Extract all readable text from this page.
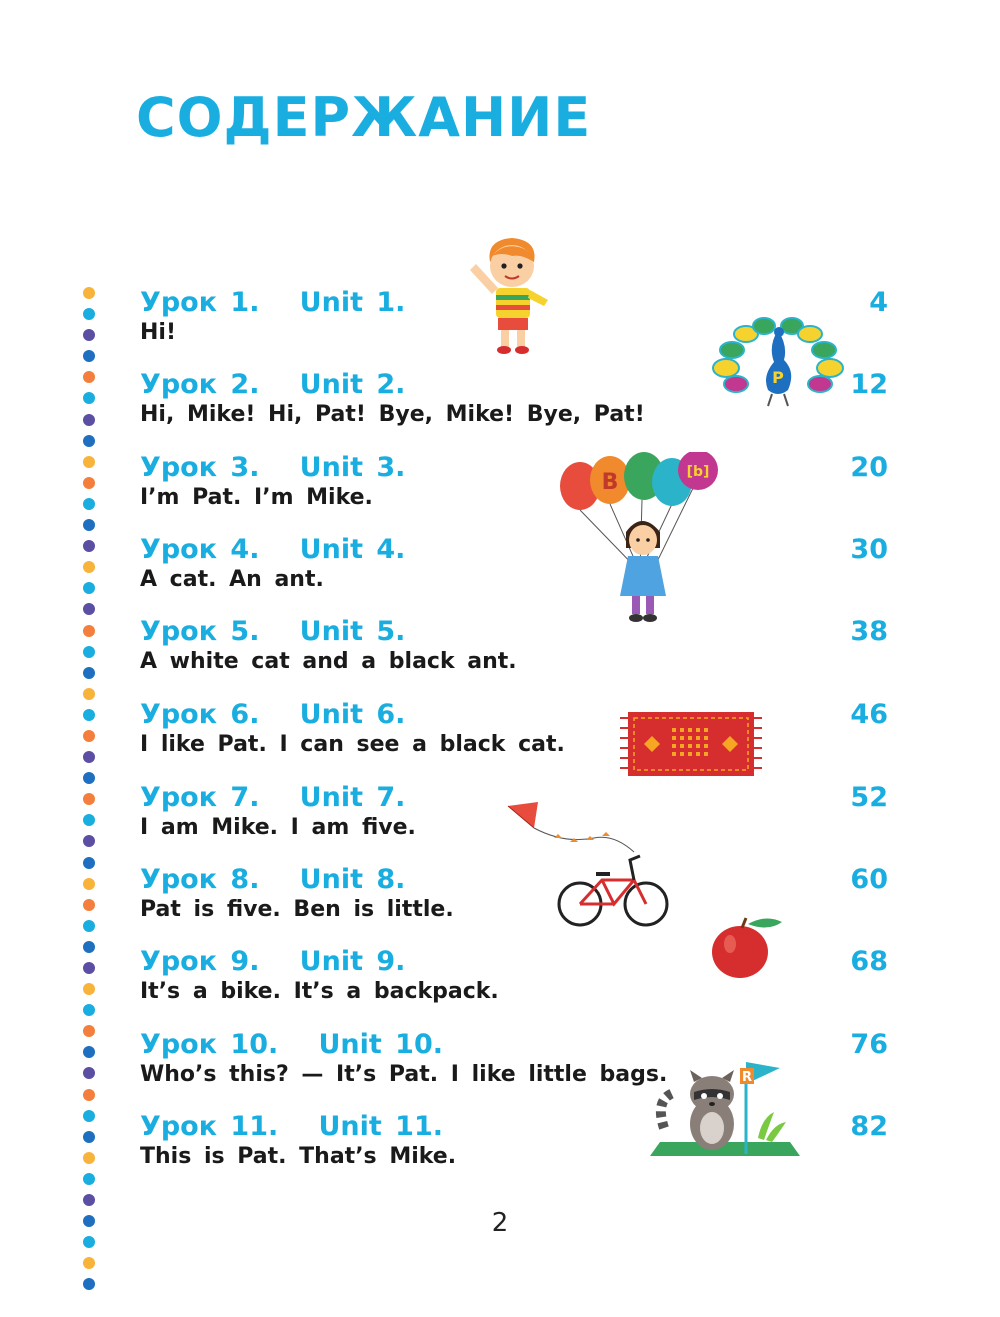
СОДЕРЖАНИЕ
Урок 1. Unit 1.
Hi!
4
Урок 2. Unit 2.
Hi, Mike! Hi, Pat! Bye, Mike! Bye, Pat!
12
Урок 3. Unit 3.
I’m Pat. I’m Mike.
20
Урок 4. Unit 4.
A cat. An ant.
30
Урок 5. Unit 5.
A white cat and a black ant.
38
Урок 6. Unit 6.
I like Pat. I can see a black cat.
46
Урок 7. Unit 7.
I am Mike. I am five.
52
Урок 8. Unit 8.
Pat is five. Ben is little.
60
Урок 9. Unit 9.
It’s a bike. It’s a backpack.
68
Урок 10. Unit 10.
Who’s this? — It’s Pat. I like little bags.
76
Урок 11. Unit 11.
This is Pat. That’s Mike.
82
P
B	[b]
R
2
